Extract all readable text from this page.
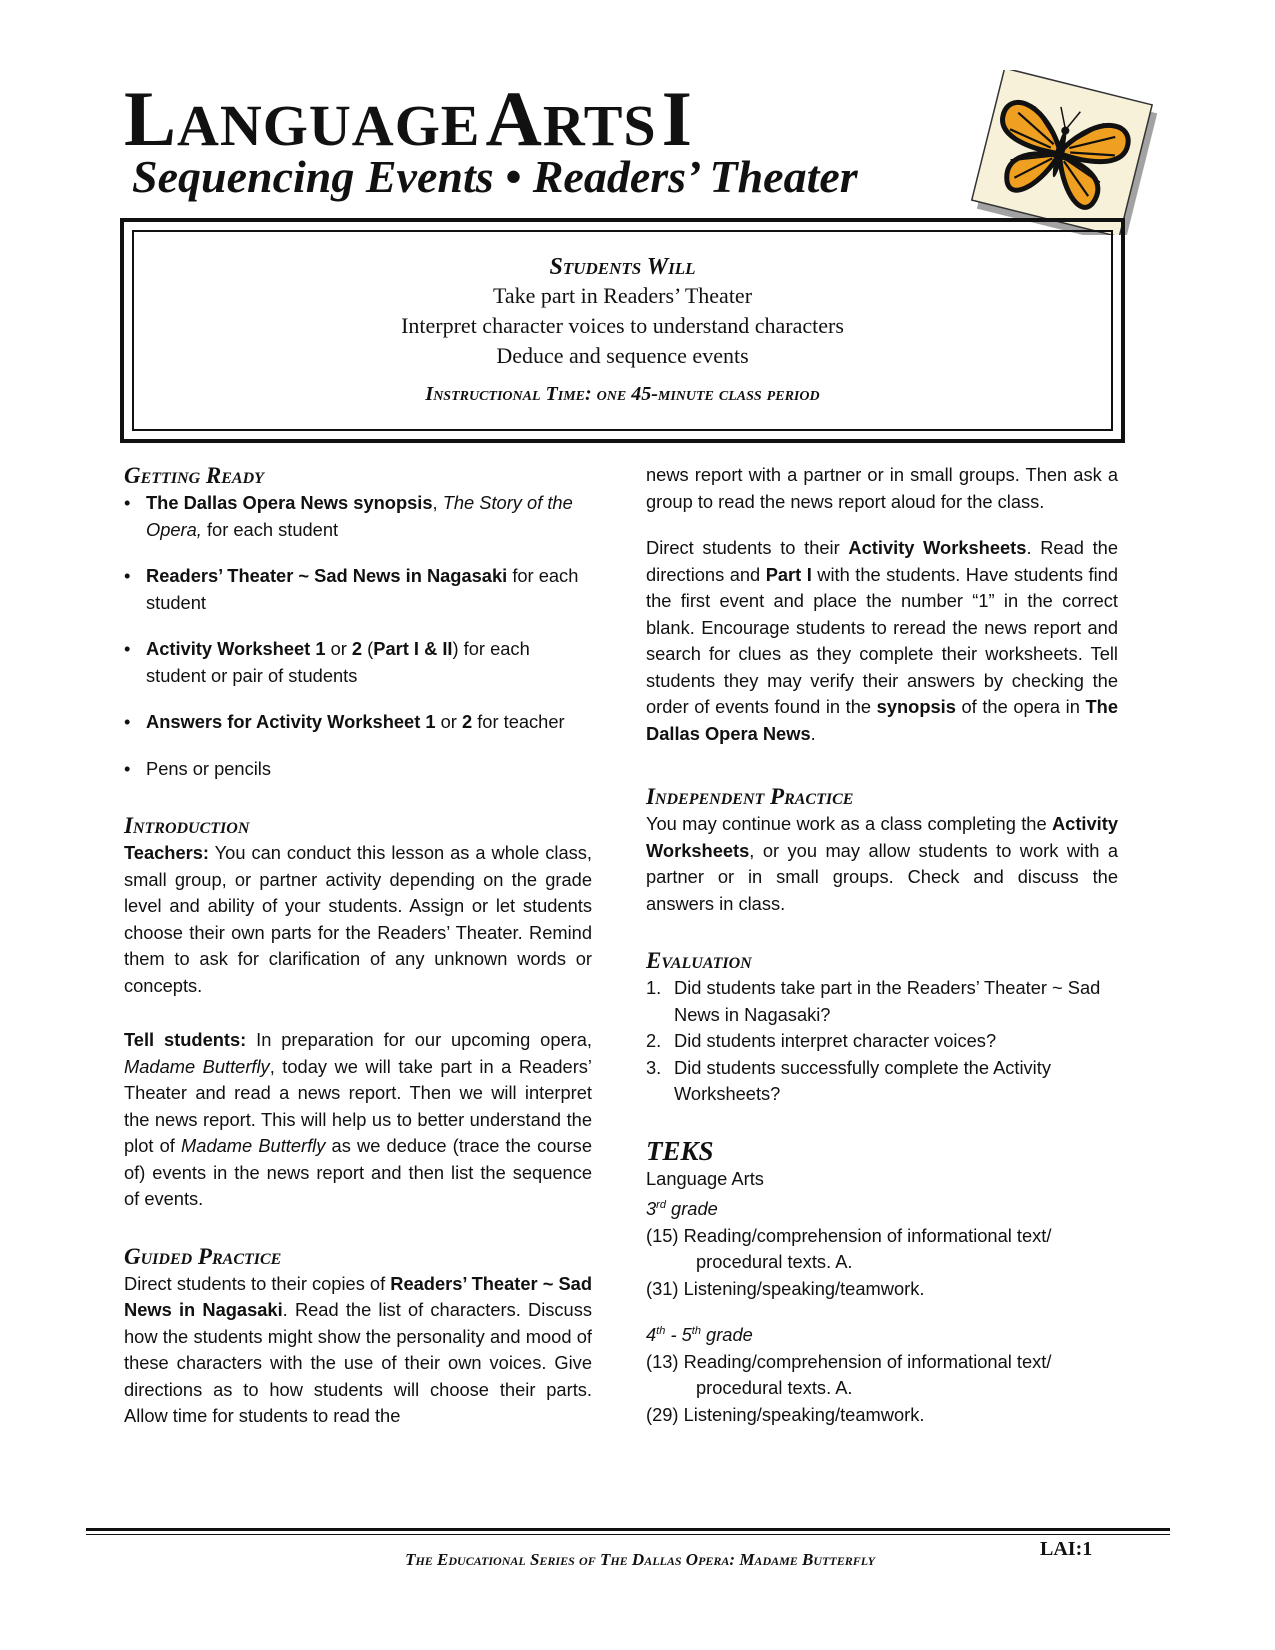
LANGUAGE ARTS I
Sequencing Events • Readers’ Theater
Students Will
Take part in Readers’ Theater
Interpret character voices to understand characters
Deduce and sequence events
Instructional Time: one 45-minute class period
Getting Ready
• The Dallas Opera News synopsis, The Story of the Opera, for each student
• Readers’ Theater ~ Sad News in Nagasaki for each student
• Activity Worksheet 1 or 2 (Part I & II) for each student or pair of students
• Answers for Activity Worksheet 1 or 2 for teacher
• Pens or pencils
Introduction
Teachers: You can conduct this lesson as a whole class, small group, or partner activity depending on the grade level and ability of your students. Assign or let students choose their own parts for the Readers’ Theater. Remind them to ask for clarification of any unknown words or concepts.
Tell students: In preparation for our upcoming opera, Madame Butterfly, today we will take part in a Readers’ Theater and read a news report. Then we will interpret the news report. This will help us to better understand the plot of Madame Butterfly as we deduce (trace the course of) events in the news report and then list the sequence of events.
Guided Practice
Direct students to their copies of Readers’ Theater ~ Sad News in Nagasaki. Read the list of characters. Discuss how the students might show the personality and mood of these characters with the use of their own voices. Give directions as to how students will choose their parts. Allow time for students to read the
news report with a partner or in small groups. Then ask a group to read the news report aloud for the class.
Direct students to their Activity Worksheets. Read the directions and Part I with the students. Have students find the first event and place the number “1” in the correct blank. Encourage students to reread the news report and search for clues as they complete their worksheets. Tell students they may verify their answers by checking the order of events found in the synopsis of the opera in The Dallas Opera News.
Independent Practice
You may continue work as a class completing the Activity Worksheets, or you may allow students to work with a partner or in small groups. Check and discuss the answers in class.
Evaluation
1. Did students take part in the Readers’ Theater ~ Sad News in Nagasaki?
2. Did students interpret character voices?
3. Did students successfully complete the Activity Worksheets?
TEKS
Language Arts
3rd grade
(15) Reading/comprehension of informational text/ procedural texts. A.
(31) Listening/speaking/teamwork.
4th - 5th grade
(13) Reading/comprehension of informational text/ procedural texts. A.
(29) Listening/speaking/teamwork.
The Educational Series of The Dallas Opera: Madame Butterfly	LAI:1
